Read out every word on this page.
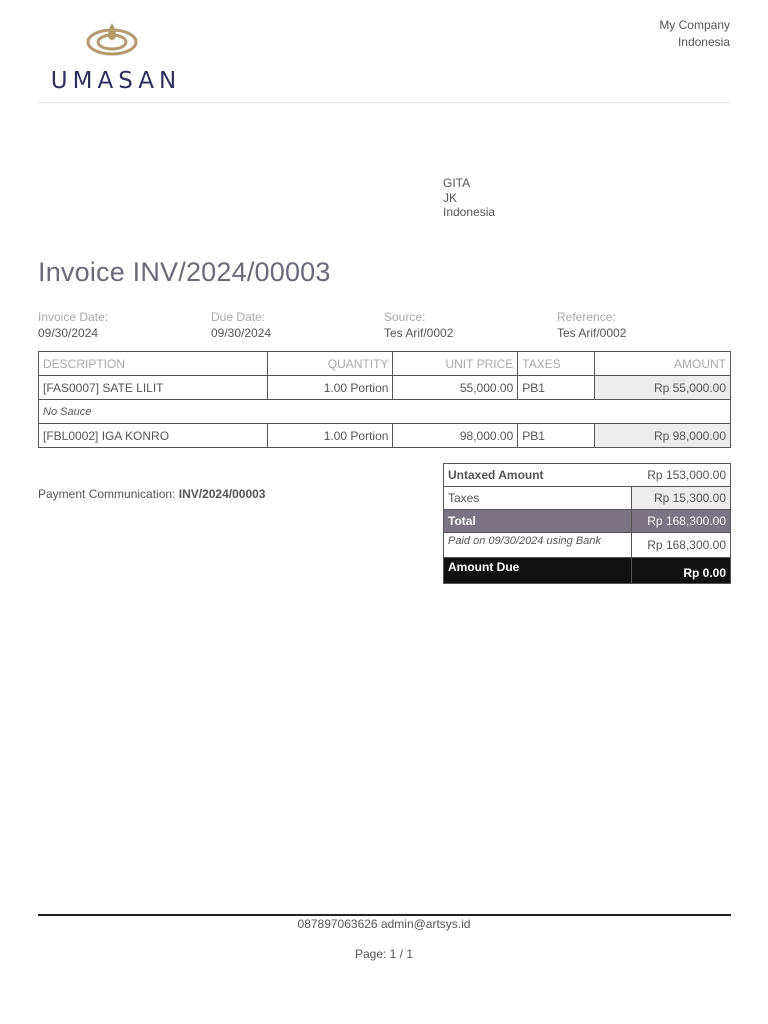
UMASAN
My Company
Indonesia
GITA
JK
Indonesia
Invoice INV/2024/00003
Invoice Date:
09/30/2024
Due Date:
09/30/2024
Source:
Tes Arif/0002
Reference:
Tes Arif/0002
DESCRIPTION	QUANTITY	UNIT PRICE	TAXES	AMOUNT
[FAS0007] SATE LILIT	1.00 Portion	55,000.00	PB1	Rp 55,000.00
No Sauce				
[FBL0002] IGA KONRO	1.00 Portion	98,000.00	PB1	Rp 98,000.00
Payment Communication: INV/2024/00003
Untaxed Amount	Rp 153,000.00
Taxes	Rp 15,300.00
Total	Rp 168,300.00
Paid on 09/30/2024 using Bank	Rp 168,300.00
Amount Due	Rp 0.00
087897063626 admin@artsys.id
Page: 1 / 1
